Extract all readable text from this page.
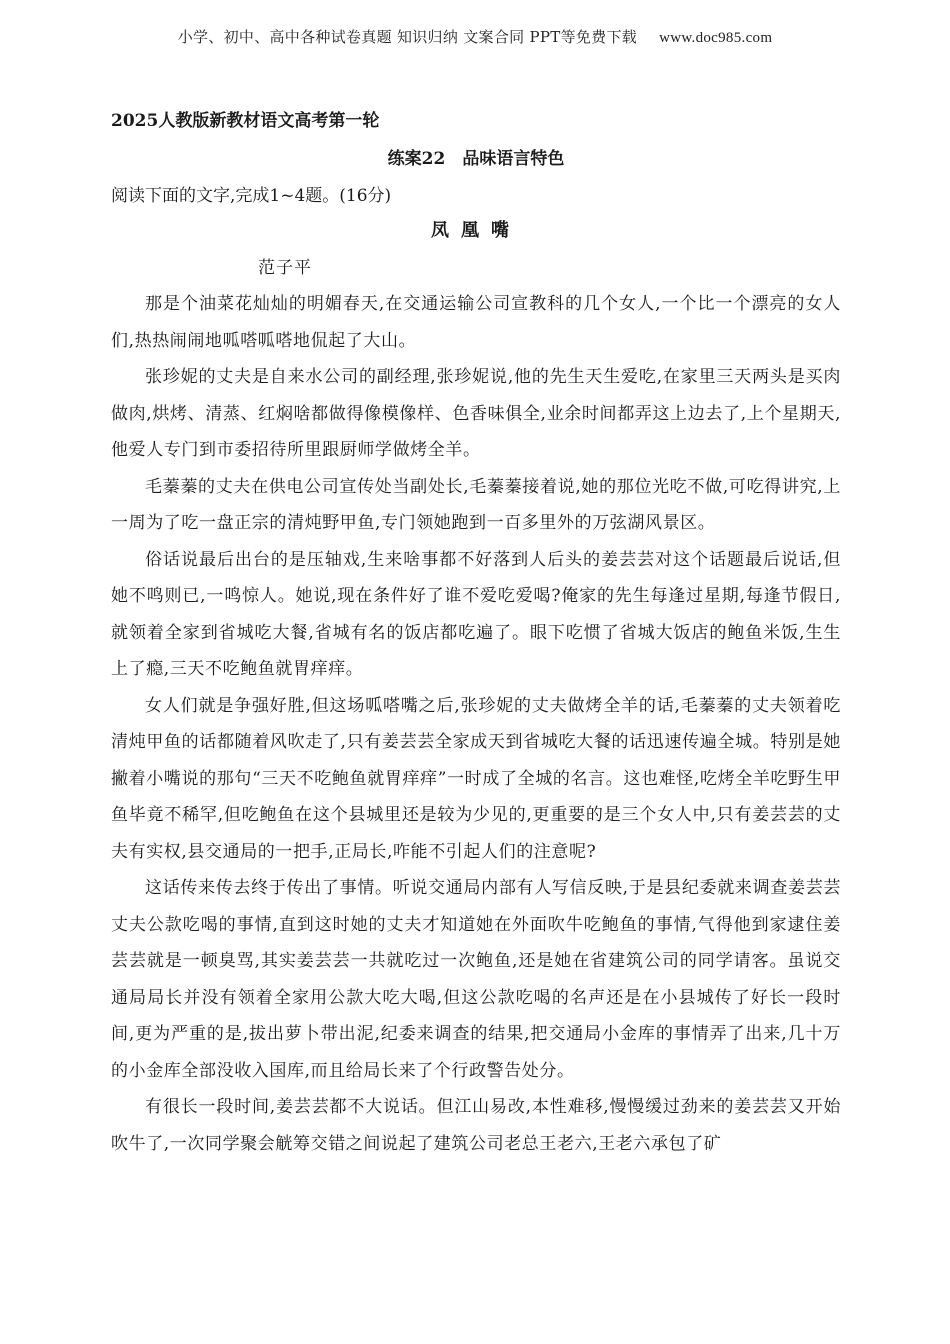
小学、初中、高中各种试卷真题 知识归纳 文案合同 PPT等免费下载 www.doc985.com
2025人教版新教材语文高考第一轮
练案22　 品味语言特色
阅读下面的文字,完成1~4题。(16分)
凤凰嘴
范子平

那是个油菜花灿灿的明媚春天,在交通运输公司宣教科的几个女人,一个比一个漂亮的女人们,热热闹闹地呱嗒呱嗒地侃起了大山。

张珍妮的丈夫是自来水公司的副经理,张珍妮说,他的先生天生爱吃,在家里三天两头是买肉做肉,烘烤、清蒸、红焖啥都做得像模像样、色香味俱全,业余时间都弄这上边去了,上个星期天,他爱人专门到市委招待所里跟厨师学做烤全羊。

毛蓁蓁的丈夫在供电公司宣传处当副处长,毛蓁蓁接着说,她的那位光吃不做,可吃得讲究,上一周为了吃一盘正宗的清炖野甲鱼,专门领她跑到一百多里外的万弦湖风景区。

俗话说最后出台的是压轴戏,生来啥事都不好落到人后头的姜芸芸对这个话题最后说话,但她不鸣则已,一鸣惊人。她说,现在条件好了谁不爱吃爱喝?俺家的先生每逢过星期,每逢节假日,就领着全家到省城吃大餐,省城有名的饭店都吃遍了。眼下吃惯了省城大饭店的鲍鱼米饭,生生上了瘾,三天不吃鲍鱼就胃痒痒。

女人们就是争强好胜,但这场呱嗒嘴之后,张珍妮的丈夫做烤全羊的话,毛蓁蓁的丈夫领着吃清炖甲鱼的话都随着风吹走了,只有姜芸芸全家成天到省城吃大餐的话迅速传遍全城。特别是她撇着小嘴说的那句“三天不吃鲍鱼就胃痒痒”一时成了全城的名言。这也难怪,吃烤全羊吃野生甲鱼毕竟不稀罕,但吃鲍鱼在这个县城里还是较为少见的,更重要的是三个女人中,只有姜芸芸的丈夫有实权,县交通局的一把手,正局长,咋能不引起人们的注意呢?

这话传来传去终于传出了事情。听说交通局内部有人写信反映,于是县纪委就来调查姜芸芸丈夫公款吃喝的事情,直到这时她的丈夫才知道她在外面吹牛吃鲍鱼的事情,气得他到家逮住姜芸芸就是一顿臭骂,其实姜芸芸一共就吃过一次鲍鱼,还是她在省建筑公司的同学请客。虽说交通局局长并没有领着全家用公款大吃大喝,但这公款吃喝的名声还是在小县城传了好长一段时间,更为严重的是,拔出萝卜带出泥,纪委来调查的结果,把交通局小金库的事情弄了出来,几十万的小金库全部没收入国库,而且给局长来了个行政警告处分。

有很长一段时间,姜芸芸都不大说话。但江山易改,本性难移,慢慢缓过劲来的姜芸芸又开始吹牛了,一次同学聚会觥筹交错之间说起了建筑公司老总王老六,王老六承包了矿
